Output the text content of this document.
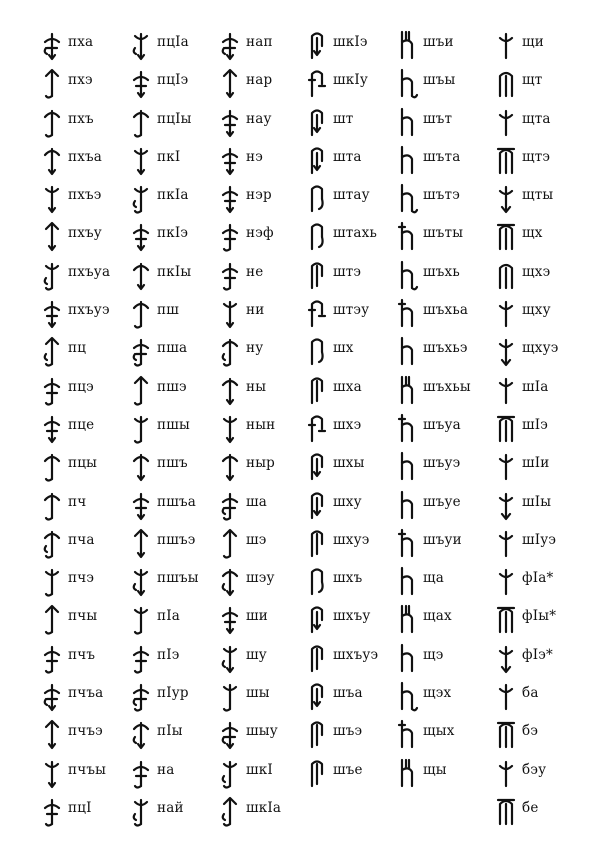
пха
пхэ
пхъ
пхъа
пхъэ
пхъу
пхъуа
пхъуэ
пц
пцэ
пце
пцы
пч
пча
пчэ
пчы
пчъ
пчъа
пчъэ
пчъы
пцI
пцIа
пцIэ
пцIы
пкI
пкIа
пкIэ
пкIы
пш
пша
пшэ
пшы
пшъ
пшъа
пшъэ
пшъы
пIа
пIэ
пIур
пIы
на
най
нап
нар
нау
нэ
нэр
нэф
не
ни
ну
ны
нын
ныр
ша
шэ
шэу
ши
шу
шы
шыу
шкI
шкIа
шкIэ
шкIу
шт
шта
штау
штахь
штэ
штэу
шх
шха
шхэ
шхы
шху
шхуэ
шхъ
шхъу
шхъуэ
шъа
шъэ
шъе
шъи
шъы
шът
шъта
шътэ
шъты
шъхь
шъхьа
шъхьэ
шъхьы
шъуа
шъуэ
шъуе
шъуи
щa
щах
щэ
щэх
щых
щы
щи
щт
щта
щтэ
щты
щх
щхэ
щху
щхуэ
шIа
шIэ
шIи
шIы
шIуэ
фIа*
фIы*
фIэ*
ба
бэ
бэу
бе
